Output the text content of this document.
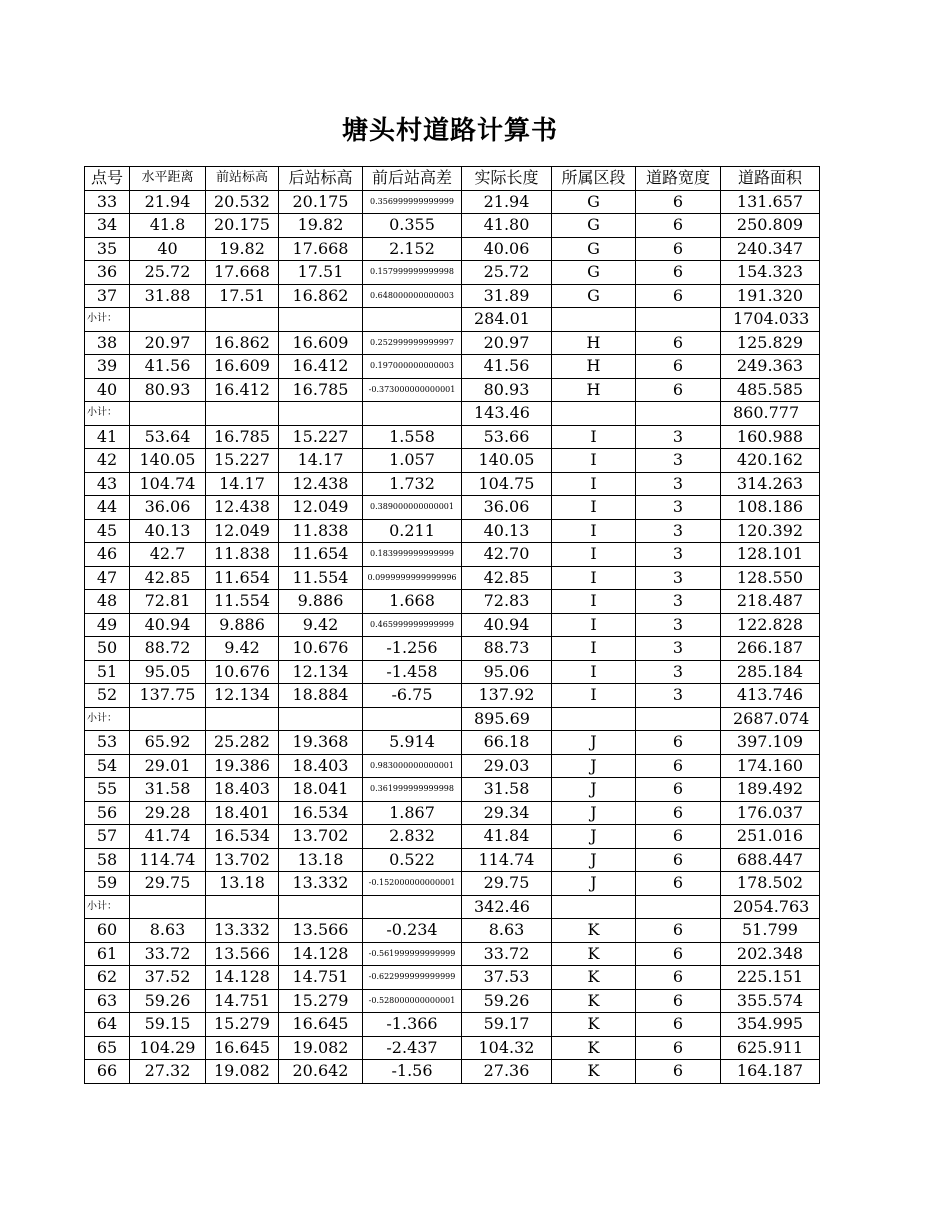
塘头村道路计算书
点号	水平距离	前站标高	后站标高	前后站高差	实际长度	所属区段	道路宽度	道路面积
33	21.94	20.532	20.175	0.356999999999999	21.94	G	6	131.657
34	41.8	20.175	19.82	0.355	41.80	G	6	250.809
35	40	19.82	17.668	2.152	40.06	G	6	240.347
36	25.72	17.668	17.51	0.157999999999998	25.72	G	6	154.323
37	31.88	17.51	16.862	0.648000000000003	31.89	G	6	191.320
小计：					284.01			1704.033
38	20.97	16.862	16.609	0.252999999999997	20.97	H	6	125.829
39	41.56	16.609	16.412	0.197000000000003	41.56	H	6	249.363
40	80.93	16.412	16.785	-0.373000000000001	80.93	H	6	485.585
小计：					143.46			860.777
41	53.64	16.785	15.227	1.558	53.66	I	3	160.988
42	140.05	15.227	14.17	1.057	140.05	I	3	420.162
43	104.74	14.17	12.438	1.732	104.75	I	3	314.263
44	36.06	12.438	12.049	0.389000000000001	36.06	I	3	108.186
45	40.13	12.049	11.838	0.211	40.13	I	3	120.392
46	42.7	11.838	11.654	0.183999999999999	42.70	I	3	128.101
47	42.85	11.654	11.554	0.0999999999999996	42.85	I	3	128.550
48	72.81	11.554	9.886	1.668	72.83	I	3	218.487
49	40.94	9.886	9.42	0.465999999999999	40.94	I	3	122.828
50	88.72	9.42	10.676	-1.256	88.73	I	3	266.187
51	95.05	10.676	12.134	-1.458	95.06	I	3	285.184
52	137.75	12.134	18.884	-6.75	137.92	I	3	413.746
小计：					895.69			2687.074
53	65.92	25.282	19.368	5.914	66.18	J	6	397.109
54	29.01	19.386	18.403	0.983000000000001	29.03	J	6	174.160
55	31.58	18.403	18.041	0.361999999999998	31.58	J	6	189.492
56	29.28	18.401	16.534	1.867	29.34	J	6	176.037
57	41.74	16.534	13.702	2.832	41.84	J	6	251.016
58	114.74	13.702	13.18	0.522	114.74	J	6	688.447
59	29.75	13.18	13.332	-0.152000000000001	29.75	J	6	178.502
小计：					342.46			2054.763
60	8.63	13.332	13.566	-0.234	8.63	K	6	51.799
61	33.72	13.566	14.128	-0.561999999999999	33.72	K	6	202.348
62	37.52	14.128	14.751	-0.622999999999999	37.53	K	6	225.151
63	59.26	14.751	15.279	-0.528000000000001	59.26	K	6	355.574
64	59.15	15.279	16.645	-1.366	59.17	K	6	354.995
65	104.29	16.645	19.082	-2.437	104.32	K	6	625.911
66	27.32	19.082	20.642	-1.56	27.36	K	6	164.187
